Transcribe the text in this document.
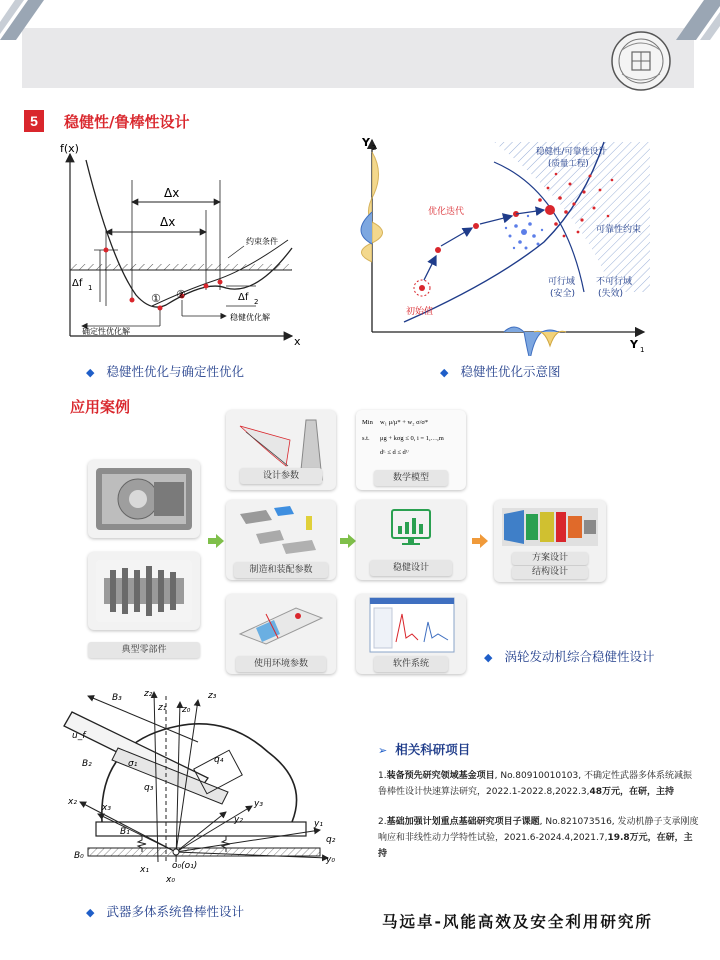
5	稳健性/鲁棒性设计
f(x)
x
Δx
Δx
Δf 1
Δf 2
约束条件
① ②
确定性优化解
稳健优化解
◆ 稳健性优化与确定性优化
Y 2
Y 1
稳健性/可靠性设计
(质量工程)
优化迭代
可靠性约束
初始值
可行域
(安全)
不可行域
(失效)
◆ 稳健性优化示意图
应用案例
典型零部件
设计参数
制造和装配参数
使用环境参数
Min w₁ μ/μ* + w₂ σ/σ*
s.t. μg + kσg ≤ 0, i = 1,…,m
dᴸ ≤ d ≤ dᵁ
数学模型
稳健设计
软件系统
方案设计
结构设计
◆ 涡轮发动机综合稳健性设计
B₃ z₂
z₁ z₀
z₃
u_f
q₄
B₂	σ₁
q₃
x₂
x₃	y₃
B₁
y₂
B₀
y₁
q₂
y₀
o₀(o₁)
x₁
x₀
◆ 武器多体系统鲁棒性设计
➢ 相关科研项目
1.装备预先研究领域基金项目, No.80910010103, 不确定性武器多体系统减振鲁棒性设计快速算法研究，2022.1-2022.8,2022.3,48万元，在研，主持
2.基础加强计划重点基础研究项目子课题, No.821073516, 发动机静子支承刚度响应和非线性动力学特性试验，2021.6-2024.4,2021.7,19.8万元，在研，主持
马远卓-风能高效及安全利用研究所
